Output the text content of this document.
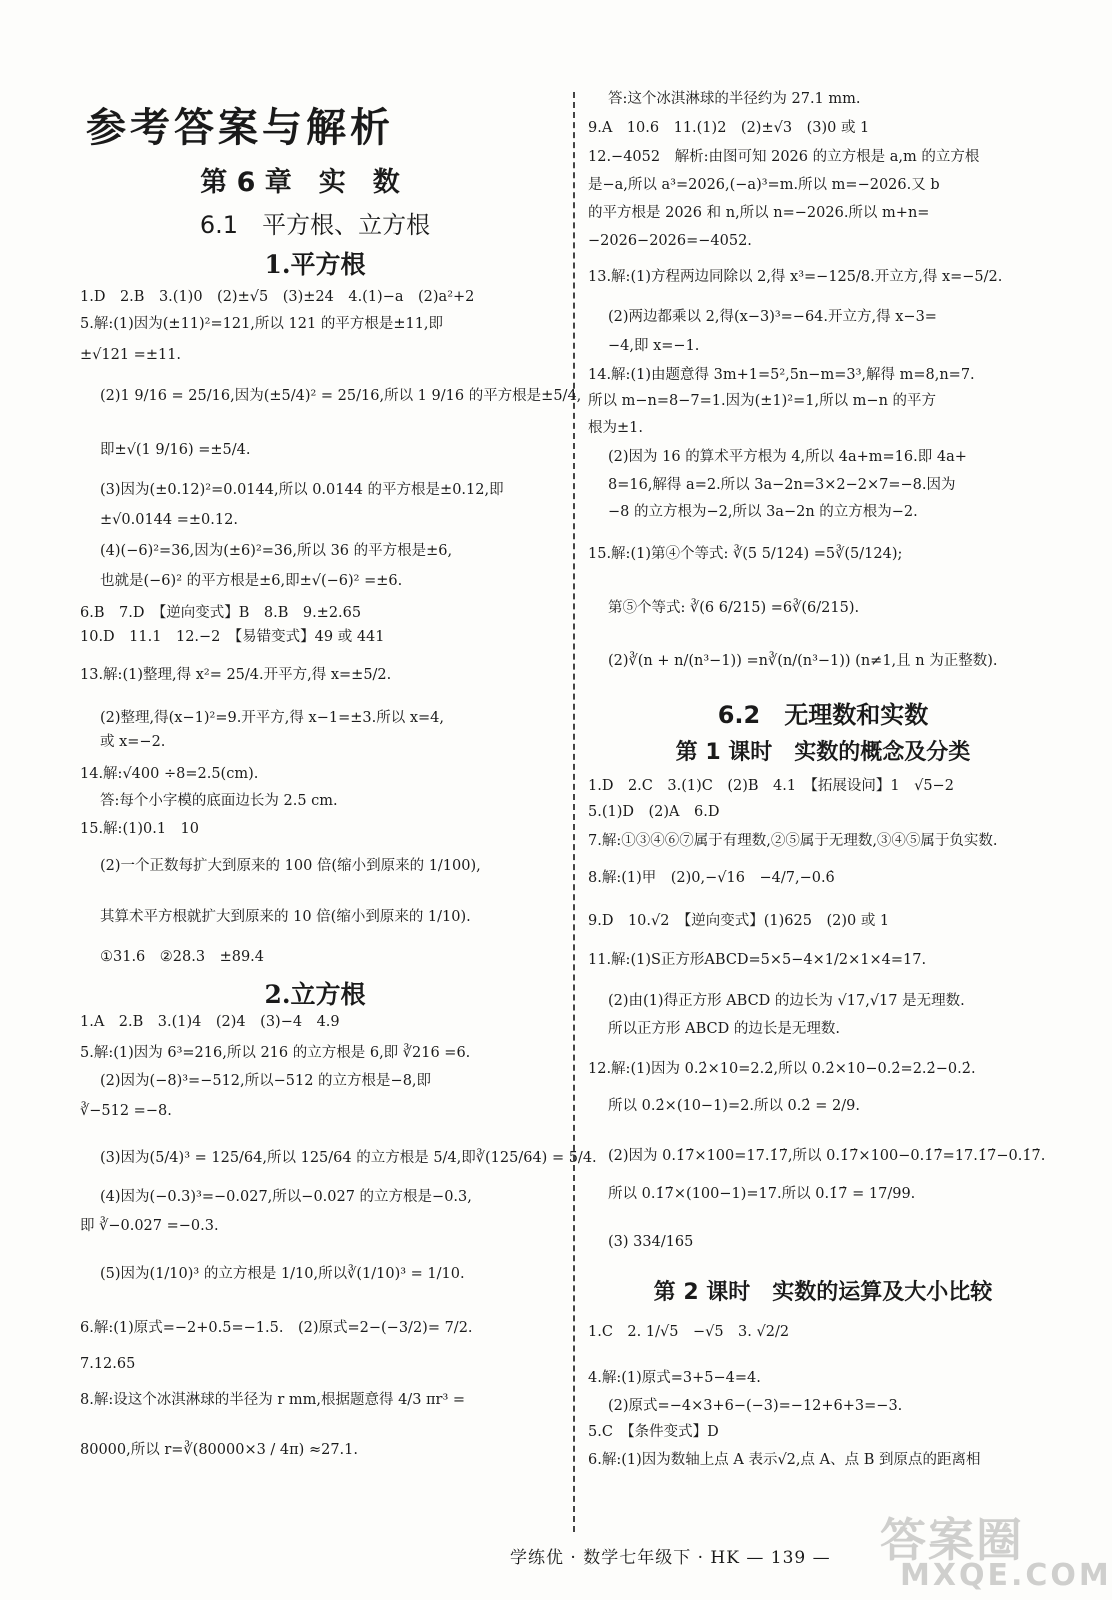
参考答案与解析
第 6 章　实　数
6.1　平方根、立方根
1.平方根
2.立方根
6.2　无理数和实数
第 1 课时　实数的概念及分类
第 2 课时　实数的运算及大小比较
1.D　2.B　3.(1)0　(2)±√5　(3)±24　4.(1)−a　(2)a²+2
5.解:(1)因为(±11)²=121,所以 121 的平方根是±11,即
±√121 =±11.
(2)1 9/16 = 25/16,因为(±5/4)² = 25/16,所以 1 9/16 的平方根是±5/4,
即±√(1 9/16) =±5/4.
(3)因为(±0.12)²=0.0144,所以 0.0144 的平方根是±0.12,即
±√0.0144 =±0.12.
(4)(−6)²=36,因为(±6)²=36,所以 36 的平方根是±6,
也就是(−6)² 的平方根是±6,即±√(−6)² =±6.
6.B　7.D　【逆向变式】B　8.B　9.±2.65
10.D　11.1　12.−2　【易错变式】49 或 441
13.解:(1)整理,得 x²= 25/4.开平方,得 x=±5/2.
(2)整理,得(x−1)²=9.开平方,得 x−1=±3.所以 x=4,
或 x=−2.
14.解:√400 ÷8=2.5(cm).
答:每个小字模的底面边长为 2.5 cm.
15.解:(1)0.1　10
(2)一个正数每扩大到原来的 100 倍(缩小到原来的 1/100),
其算术平方根就扩大到原来的 10 倍(缩小到原来的 1/10).
①31.6　②28.3　±89.4
1.A　2.B　3.(1)4　(2)4　(3)−4　4.9
5.解:(1)因为 6³=216,所以 216 的立方根是 6,即 ∛216 =6.
(2)因为(−8)³=−512,所以−512 的立方根是−8,即
∛−512 =−8.
(3)因为(5/4)³ = 125/64,所以 125/64 的立方根是 5/4,即∛(125/64) = 5/4.
(4)因为(−0.3)³=−0.027,所以−0.027 的立方根是−0.3,
即 ∛−0.027 =−0.3.
(5)因为(1/10)³ 的立方根是 1/10,所以∛(1/10)³ = 1/10.
6.解:(1)原式=−2+0.5=−1.5.　(2)原式=2−(−3/2)= 7/2.
7.12.65
8.解:设这个冰淇淋球的半径为 r mm,根据题意得 4/3 πr³ =
80000,所以 r=∛(80000×3 / 4π) ≈27.1.
答:这个冰淇淋球的半径约为 27.1 mm.
9.A　10.6　11.(1)2　(2)±√3　(3)0 或 1
12.−4052　解析:由图可知 2026 的立方根是 a,m 的立方根
是−a,所以 a³=2026,(−a)³=m.所以 m=−2026.又 b
的平方根是 2026 和 n,所以 n=−2026.所以 m+n=
−2026−2026=−4052.
13.解:(1)方程两边同除以 2,得 x³=−125/8.开立方,得 x=−5/2.
(2)两边都乘以 2,得(x−3)³=−64.开立方,得 x−3=
−4,即 x=−1.
14.解:(1)由题意得 3m+1=5²,5n−m=3³,解得 m=8,n=7.
所以 m−n=8−7=1.因为(±1)²=1,所以 m−n 的平方
根为±1.
(2)因为 16 的算术平方根为 4,所以 4a+m=16.即 4a+
8=16,解得 a=2.所以 3a−2n=3×2−2×7=−8.因为
−8 的立方根为−2,所以 3a−2n 的立方根为−2.
15.解:(1)第④个等式: ∛(5 5/124) =5∛(5/124);
第⑤个等式: ∛(6 6/215) =6∛(6/215).
(2)∛(n + n/(n³−1)) =n∛(n/(n³−1)) (n≠1,且 n 为正整数).
1.D　2.C　3.(1)C　(2)B　4.1　【拓展设问】1　√5−2
5.(1)D　(2)A　6.D
7.解:①③④⑥⑦属于有理数,②⑤属于无理数,③④⑤属于负实数.
8.解:(1)甲　(2)0,−√16　−4/7,−0.6̇
9.D　10.√2　【逆向变式】(1)625　(2)0 或 1
11.解:(1)S正方形ABCD=5×5−4×1/2×1×4=17.
(2)由(1)得正方形 ABCD 的边长为 √17,√17 是无理数.
所以正方形 ABCD 的边长是无理数.
12.解:(1)因为 0.2̇×10=2.2̇,所以 0.2̇×10−0.2̇=2.2̇−0.2̇.
所以 0.2̇×(10−1)=2.所以 0.2̇ = 2/9.
(2)因为 0.1̇7̇×100=17.1̇7̇,所以 0.1̇7̇×100−0.1̇7̇=17.1̇7̇−0.1̇7̇.
所以 0.1̇7̇×(100−1)=17.所以 0.1̇7̇ = 17/99.
(3) 334/165
1.C　2. 1/√5　−√5　3. √2/2
4.解:(1)原式=3+5−4=4.
(2)原式=−4×3+6−(−3)=−12+6+3=−3.
5.C　【条件变式】D
6.解:(1)因为数轴上点 A 表示√2,点 A、点 B 到原点的距离相
学练优 · 数学七年级下 · HK — 139 — 答案圈
MXQE.COM
